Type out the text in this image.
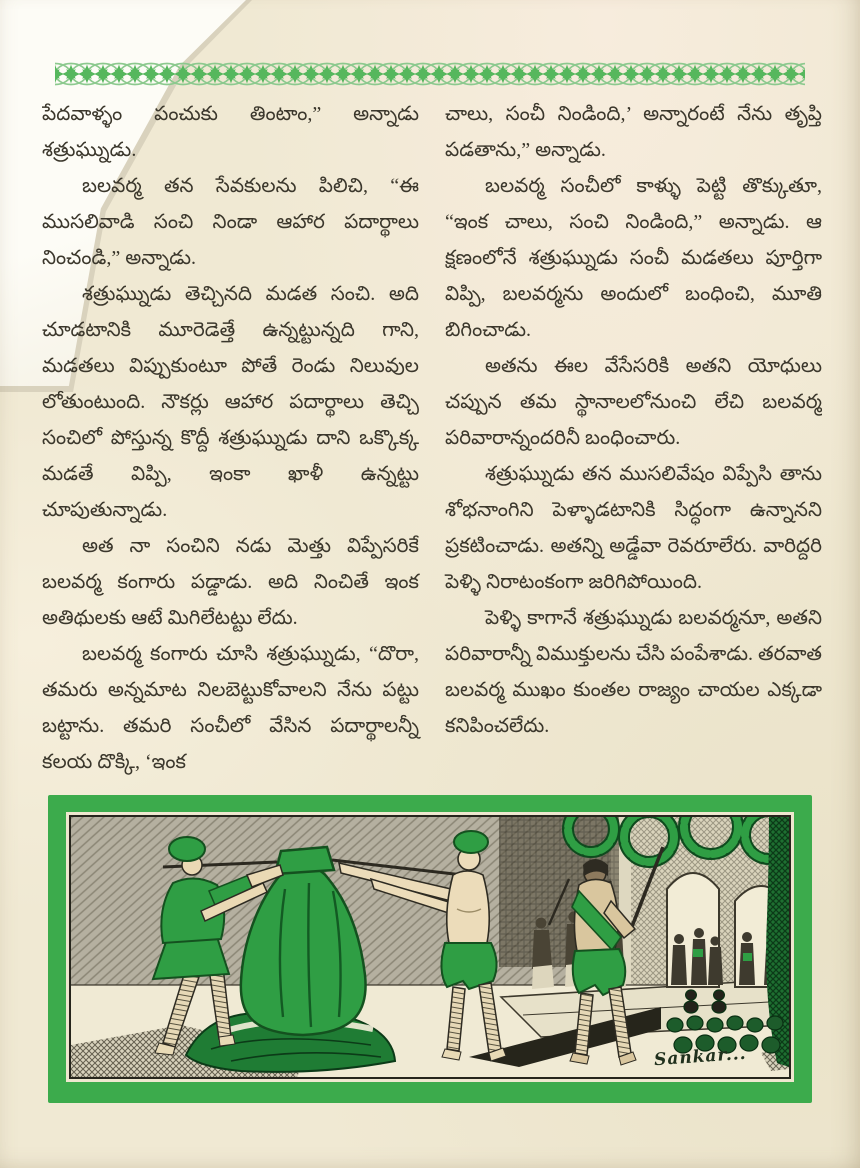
పేదవాళ్ళం పంచుకు తింటాం,” అన్నాడు శత్రుఘ్నుడు.

బలవర్మ తన సేవకులను పిలిచి, “ఈ ముసలివాడి సంచి నిండా ఆహార పదార్థాలు నించండి,” అన్నాడు.

శత్రుఘ్నుడు తెచ్చినది మడత సంచి. అది చూడటానికి మూరెడెత్తే ఉన్నట్టున్నది గాని, మడతలు విప్పుకుంటూ పోతే రెండు నిలువుల లోతుంటుంది. నౌకర్లు ఆహార పదార్థాలు తెచ్చి సంచిలో పోస్తున్న కొద్దీ శత్రుఘ్నుడు దాని ఒక్కొక్క మడతే విప్పి, ఇంకా ఖాళీ ఉన్నట్టు చూపుతున్నాడు.

అత నా సంచిని నడు మెత్తు విప్పేసరికే బలవర్మ కంగారు పడ్డాడు. అది నించితే ఇంక అతిథులకు ఆటే మిగిలేటట్టు లేదు.

బలవర్మ కంగారు చూసి శత్రుఘ్నుడు, “దొరా, తమరు అన్నమాట నిలబెట్టుకోవాలని నేను పట్టు బట్టాను. తమరి సంచీలో వేసిన పదార్థాలన్నీ కలయ దొక్కి, ‘ఇంక

చాలు, సంచీ నిండింది,’ అన్నారంటే నేను తృప్తి పడతాను,” అన్నాడు.

బలవర్మ సంచీలో కాళ్ళు పెట్టి తొక్కుతూ, “ఇంక చాలు, సంచి నిండింది,” అన్నాడు. ఆ క్షణంలోనే శత్రుఘ్నుడు సంచీ మడతలు పూర్తిగా విప్పి, బలవర్మను అందులో బంధించి, మూతి బిగించాడు.

అతను ఈల వేసేసరికి అతని యోధులు చప్పున తమ స్థానాలలోనుంచి లేచి బలవర్మ పరివారాన్నందరినీ బంధించారు.

శత్రుఘ్నుడు తన ముసలివేషం విప్పేసి తాను శోభనాంగిని పెళ్ళాడటానికి సిద్ధంగా ఉన్నానని ప్రకటించాడు. అతన్ని అడ్డేవా రెవరూలేరు. వారిద్దరి పెళ్ళి నిరాటంకంగా జరిగిపోయింది.

పెళ్ళి కాగానే శత్రుఘ్నుడు బలవర్మనూ, అతని పరివారాన్నీ విముక్తులను చేసి పంపేశాడు. తరవాత బలవర్మ ముఖం కుంతల రాజ్యం చాయల ఎక్కడా కనిపించలేదు.

Sankar...
